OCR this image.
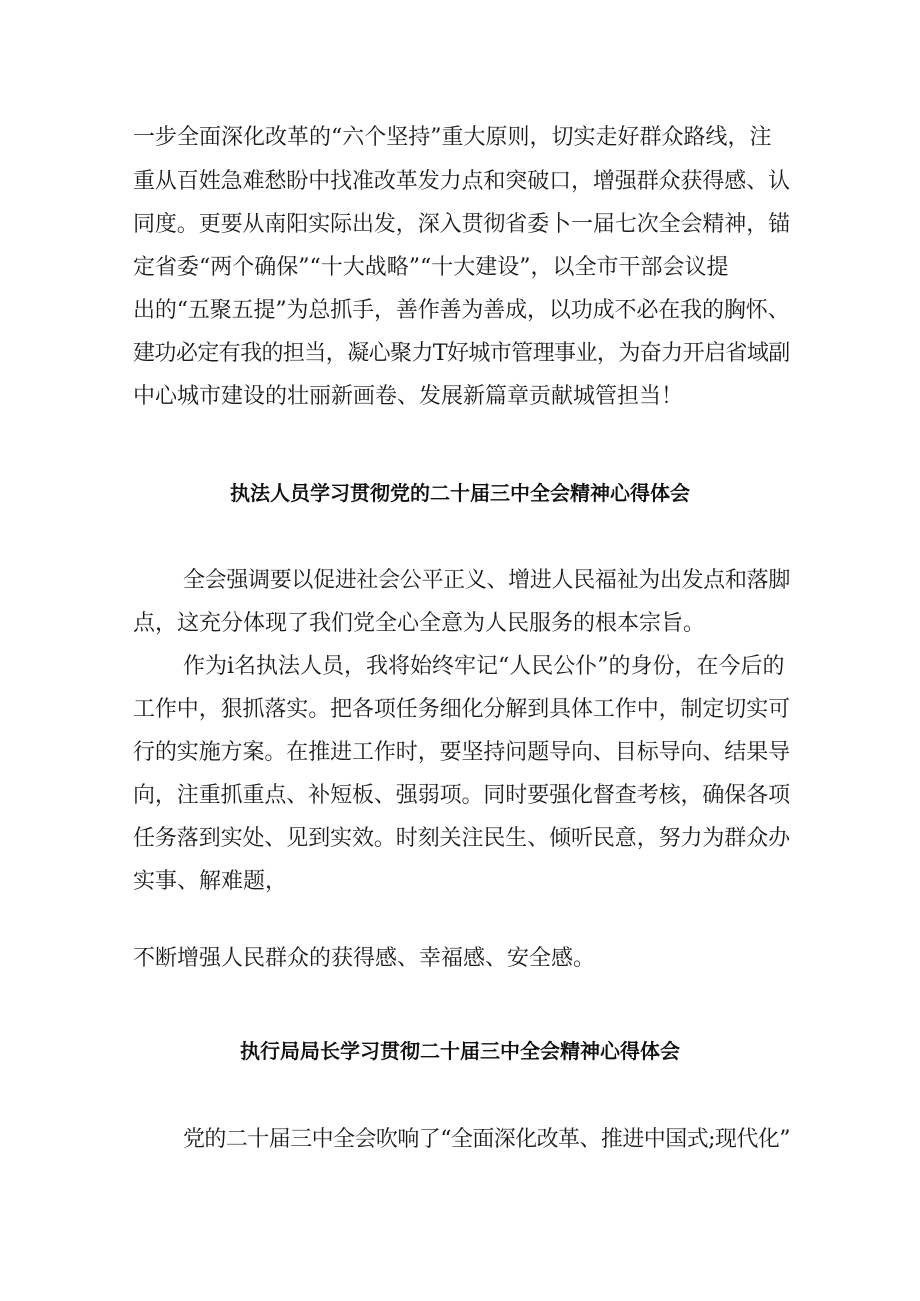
一步全面深化改革的“六个坚持”重大原则，切实走好群众路线，注
重从百姓急难愁盼中找准改革发力点和突破口，增强群众获得感、认
同度。更要从南阳实际出发，深入贯彻省委卜一届七次全会精神，锚
定省委“两个确保”“十大战略”“十大建设”，以全市干部会议提
出的“五聚五提”为总抓手，善作善为善成，以功成不必在我的胸怀、
建功必定有我的担当，凝心聚力T好城市管理事业，为奋力开启省域副
中心城市建设的壮丽新画卷、发展新篇章贡献城管担当！
执法人员学习贯彻党的二十届三中全会精神心得体会
全会强调要以促进社会公平正义、增进人民福祉为出发点和落脚
点，这充分体现了我们党全心全意为人民服务的根本宗旨。
作为i名执法人员，我将始终牢记“人民公仆”的身份，在今后的
工作中，狠抓落实。把各项任务细化分解到具体工作中，制定切实可
行的实施方案。在推进工作时，要坚持问题导向、目标导向、结果导
向，注重抓重点、补短板、强弱项。同时要强化督查考核，确保各项
任务落到实处、见到实效。时刻关注民生、倾听民意，努力为群众办
实事、解难题，
不断增强人民群众的获得感、幸福感、安全感。
执行局局长学习贯彻二十届三中全会精神心得体会
党的二十届三中全会吹响了“全面深化改革、推进中国式;现代化”
